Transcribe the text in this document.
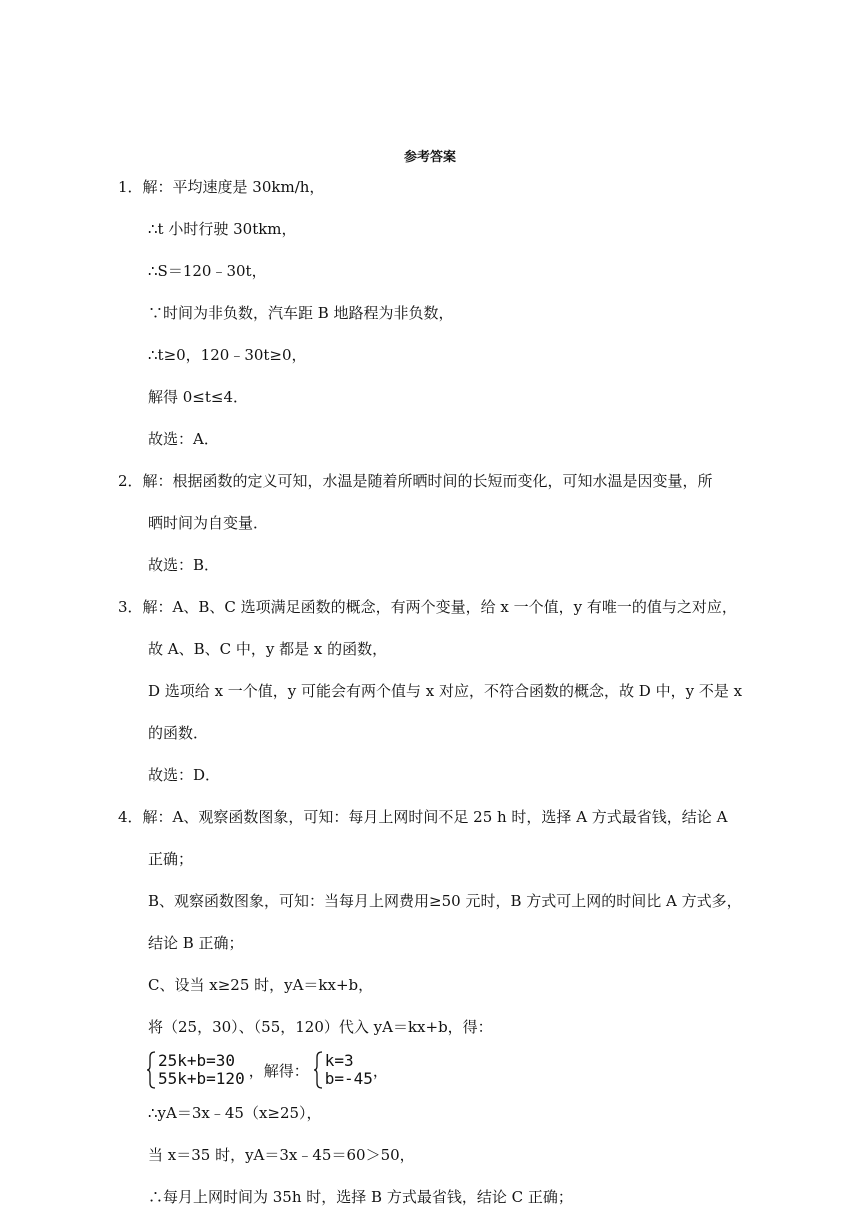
参考答案
1．解：平均速度是 30km/h，
∴t 小时行驶 30tkm，
∴S＝120﹣30t，
∵时间为非负数，汽车距 B 地路程为非负数，
∴t≥0，120﹣30t≥0，
解得 0≤t≤4．
故选：A．
2．解：根据函数的定义可知，水温是随着所晒时间的长短而变化，可知水温是因变量，所
晒时间为自变量．
故选：B．
3．解：A、B、C 选项满足函数的概念，有两个变量，给 x 一个值，y 有唯一的值与之对应，
故 A、B、C 中，y 都是 x 的函数，
D 选项给 x 一个值，y 可能会有两个值与 x 对应，不符合函数的概念，故 D 中，y 不是 x
的函数．
故选：D．
4．解：A、观察函数图象，可知：每月上网时间不足 25 h 时，选择 A 方式最省钱，结论 A
正确；
B、观察函数图象，可知：当每月上网费用≥50 元时，B 方式可上网的时间比 A 方式多，
结论 B 正确；
C、设当 x≥25 时，yA＝kx+b，
将（25，30）、（55，120）代入 yA＝kx+b，得：
25k+b=30
55k+b=120 ，解得：
k=3
b=-45 ，
∴yA＝3x﹣45（x≥25），
当 x＝35 时，yA＝3x﹣45＝60＞50，
∴每月上网时间为 35h 时，选择 B 方式最省钱，结论 C 正确；
